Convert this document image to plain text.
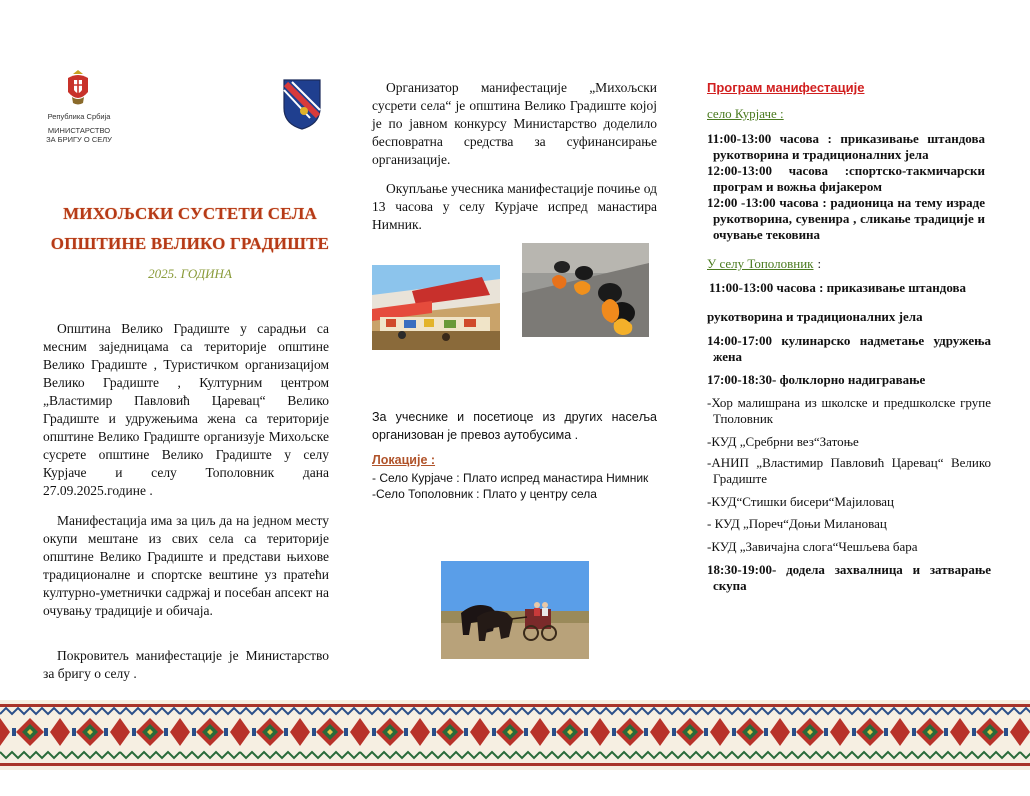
Република Србија
МИНИСТАРСТВО
ЗА БРИГУ О СЕЛУ
МИХОЉСКИ СУСТЕТИ СЕЛА
ОПШТИНЕ ВЕЛИКО ГРАДИШТЕ
2025. ГОДИНА
Општина Велико Градиште у сарадњи са месним заједницама са територије општине Велико Градиште , Туристичком организацијом Велико Градиште , Културним центром „Властимир Павловић Царевац“ Велико Градиште и удружењима жена са територије општине Велико Градиште организује Михољске сусрете општине Велико Градиште у селу Курјаче и селу Тополовник дана 27.09.2025.године .
Манифестација има за циљ да на једном месту окупи мештане из свих села са територије општине Велико Градиште и представи њихове традиционалне и спортске вештине уз пратећи културно-уметнички садржај и посебан апсект на очувању традиције и обичаја.
Покровитељ манифестације је Министарство за бригу о селу .
Организатор манифестације „Михољски сусрети села“ је општина Велико Градиште којој је по јавном конкурсу Министарство доделило бесповратна средства за суфинансирање организације.
Окупљање учесника манифестације почиње од 13 часова у селу Курјаче испред манастира Нимник.
За учеснике и посетиоце из других насеља организован је превоз аутобусима .
Локације :
- Село Курјаче : Плато испред манастира Нимник
-Село Тополовник : Плато у центру села
Програм манифестације
село Курјаче :
11:00-13:00 часова : приказивање штандова рукотворина и традиционалних јела
12:00-13:00 часова :спортско-такмичарски програм и вожња фијакером
12:00 -13:00 часова : радионица на тему израде рукотворина, сувенира , сликање традиције и очување тековина
У селу Тополовник :
11:00-13:00 часова : приказивање штандова
рукотворина и традиционалних јела
14:00-17:00 кулинарско надметање удружења жена
17:00-18:30- фолклорно надигравање
-Хор малишрана из школске и предшколске групе Тполовник
-КУД „Сребрни вез“Затоње
-АНИП „Властимир Павловић Царевац“ Велико Градиште
-КУД“Стишки бисери“Мајиловац
- КУД „Пореч“Доњи Милановац
-КУД „Завичајна слога“Чешљева бара
18:30-19:00- додела захвалница и затварање скупа
